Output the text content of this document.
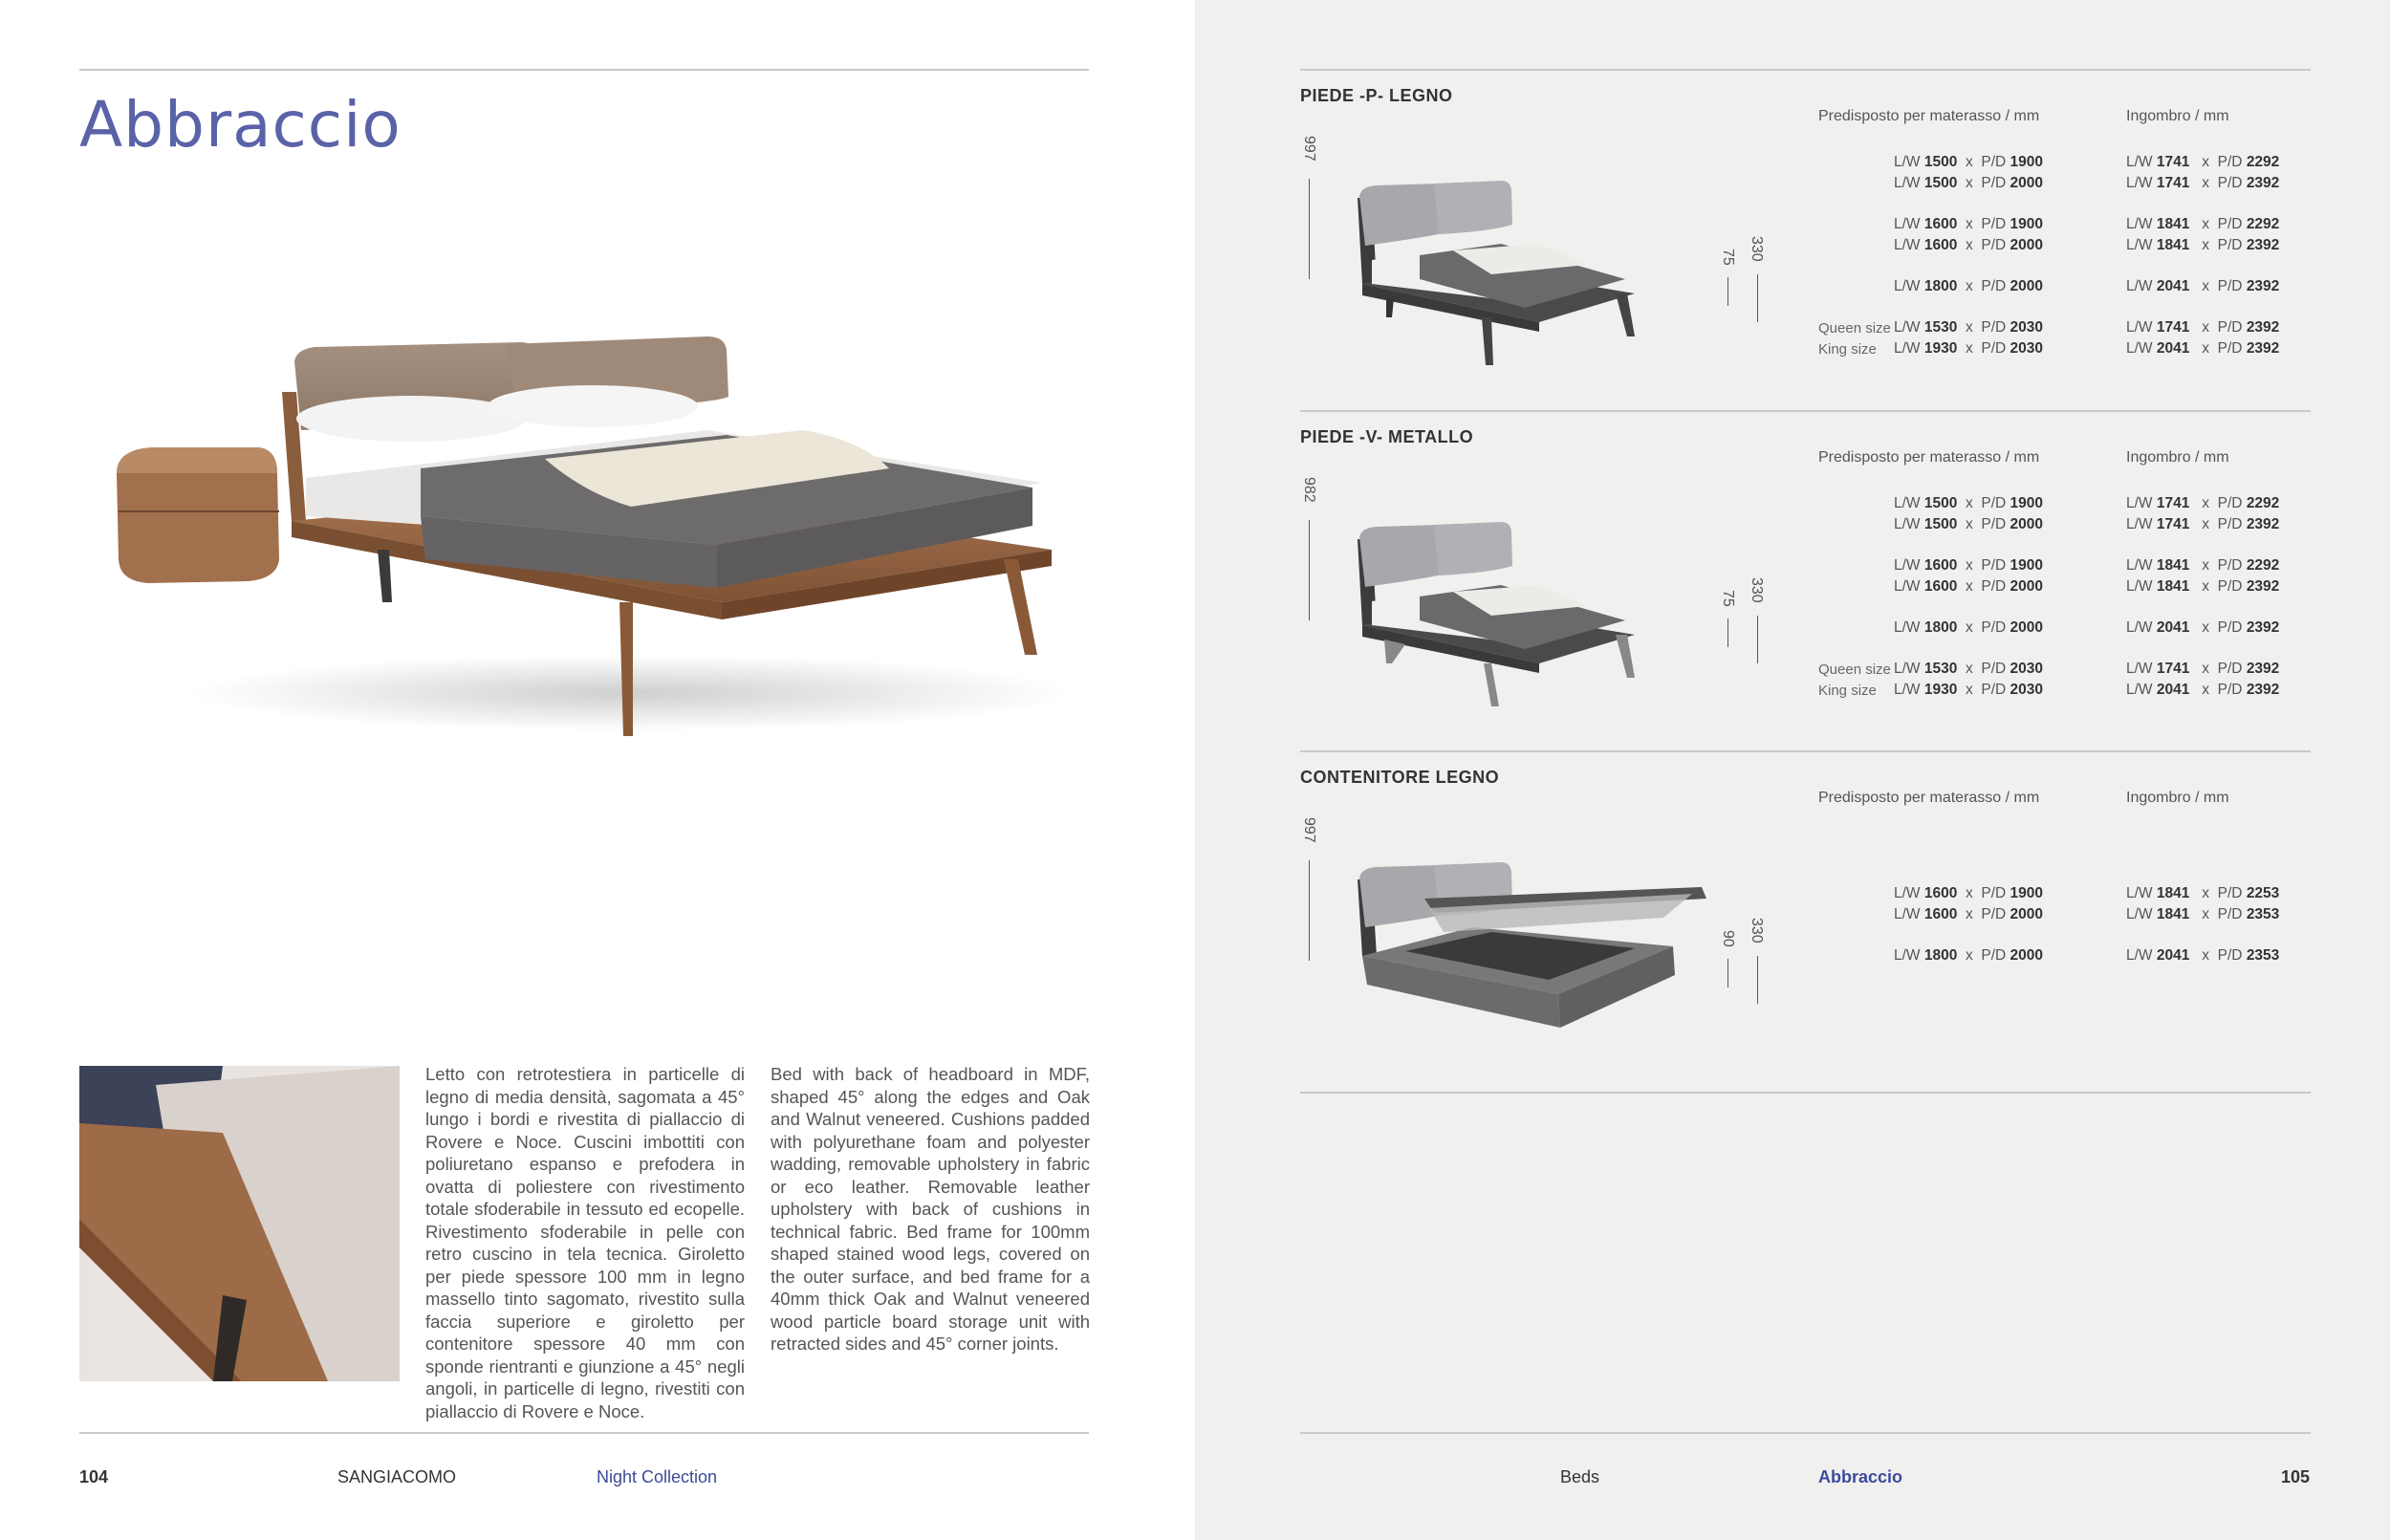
Abbraccio
Letto con retrotestiera in particelle di legno di media densità, sagomata a 45° lungo i bordi e rivestita di piallaccio di Rovere e Noce. Cuscini imbottiti con poliuretano espanso e prefodera in ovatta di poliestere con rivestimento totale sfoderabile in tessuto ed ecopelle. Rivestimento sfoderabile in pelle con retro cuscino in tela tecnica. Giroletto per piede spessore 100 mm in legno massello tinto sagomato, rivestito sulla faccia superiore e giroletto per contenitore spessore 40 mm con sponde rientranti e giunzione a 45° negli angoli, in particelle di legno, rivestiti con piallaccio di Rovere e Noce.
Bed with back of headboard in MDF, shaped 45° along the edges and Oak and Walnut veneered. Cushions padded with polyurethane foam and polyester wadding, removable upholstery in fabric or eco leather. Removable leather upholstery with back of cushions in technical fabric. Bed frame for 100mm shaped stained wood legs, covered on the outer surface, and bed frame for a 40mm thick Oak and Walnut veneered wood particle board storage unit with retracted sides and 45° corner joints.
104	SANGIACOMO	Night Collection
PIEDE -P- LEGNO
Predisposto per materasso / mm	Ingombro / mm
997
75 330
L/W 1500 x P/D 1900	L/W 1741 x P/D 2292
L/W 1500 x P/D 2000	L/W 1741 x P/D 2392
L/W 1600 x P/D 1900	L/W 1841 x P/D 2292
L/W 1600 x P/D 2000	L/W 1841 x P/D 2392
L/W 1800 x P/D 2000	L/W 2041 x P/D 2392
Queen size L/W 1530 x P/D 2030	L/W 1741 x P/D 2392
King size L/W 1930 x P/D 2030	L/W 2041 x P/D 2392
PIEDE -V- METALLO
Predisposto per materasso / mm	Ingombro / mm
982
75 330
L/W 1500 x P/D 1900	L/W 1741 x P/D 2292
L/W 1500 x P/D 2000	L/W 1741 x P/D 2392
L/W 1600 x P/D 1900	L/W 1841 x P/D 2292
L/W 1600 x P/D 2000	L/W 1841 x P/D 2392
L/W 1800 x P/D 2000	L/W 2041 x P/D 2392
Queen size L/W 1530 x P/D 2030	L/W 1741 x P/D 2392
King size L/W 1930 x P/D 2030	L/W 2041 x P/D 2392
CONTENITORE LEGNO
Predisposto per materasso / mm	Ingombro / mm
997
90 330
L/W 1600 x P/D 1900	L/W 1841 x P/D 2253
L/W 1600 x P/D 2000	L/W 1841 x P/D 2353
L/W 1800 x P/D 2000	L/W 2041 x P/D 2353
Beds	Abbraccio	105
